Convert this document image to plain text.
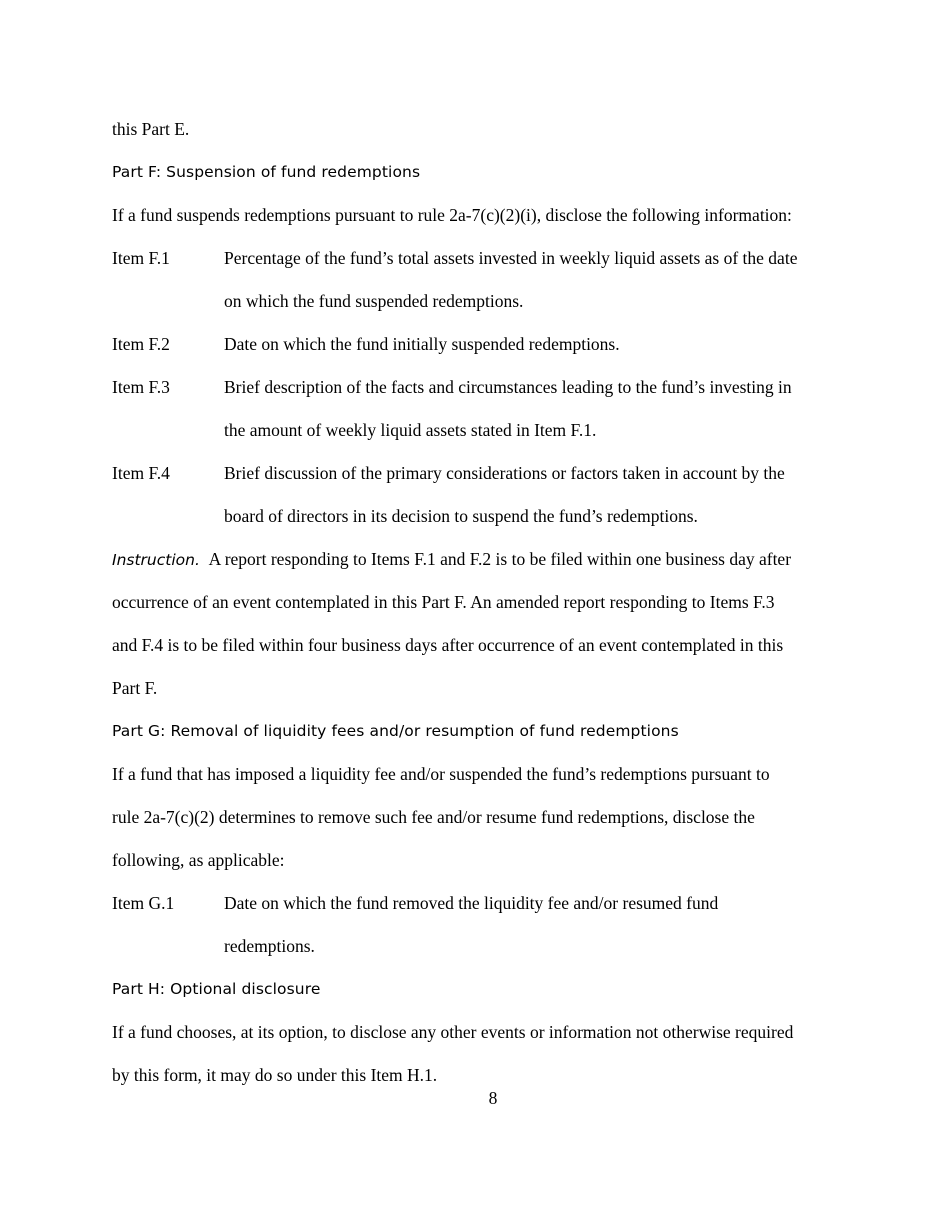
this Part E.
Part F: Suspension of fund redemptions
If a fund suspends redemptions pursuant to rule 2a-7(c)(2)(i), disclose the following information:
Item F.1	Percentage of the fund’s total assets invested in weekly liquid assets as of the date
on which the fund suspended redemptions.
Item F.2	Date on which the fund initially suspended redemptions.
Item F.3	Brief description of the facts and circumstances leading to the fund’s investing in
the amount of weekly liquid assets stated in Item F.1.
Item F.4	Brief discussion of the primary considerations or factors taken in account by the
board of directors in its decision to suspend the fund’s redemptions.
Instruction. A report responding to Items F.1 and F.2 is to be filed within one business day after
occurrence of an event contemplated in this Part F. An amended report responding to Items F.3
and F.4 is to be filed within four business days after occurrence of an event contemplated in this
Part F.
Part G: Removal of liquidity fees and/or resumption of fund redemptions
If a fund that has imposed a liquidity fee and/or suspended the fund’s redemptions pursuant to
rule 2a-7(c)(2) determines to remove such fee and/or resume fund redemptions, disclose the
following, as applicable:
Item G.1	Date on which the fund removed the liquidity fee and/or resumed fund
redemptions.
Part H: Optional disclosure
If a fund chooses, at its option, to disclose any other events or information not otherwise required
by this form, it may do so under this Item H.1.
8
